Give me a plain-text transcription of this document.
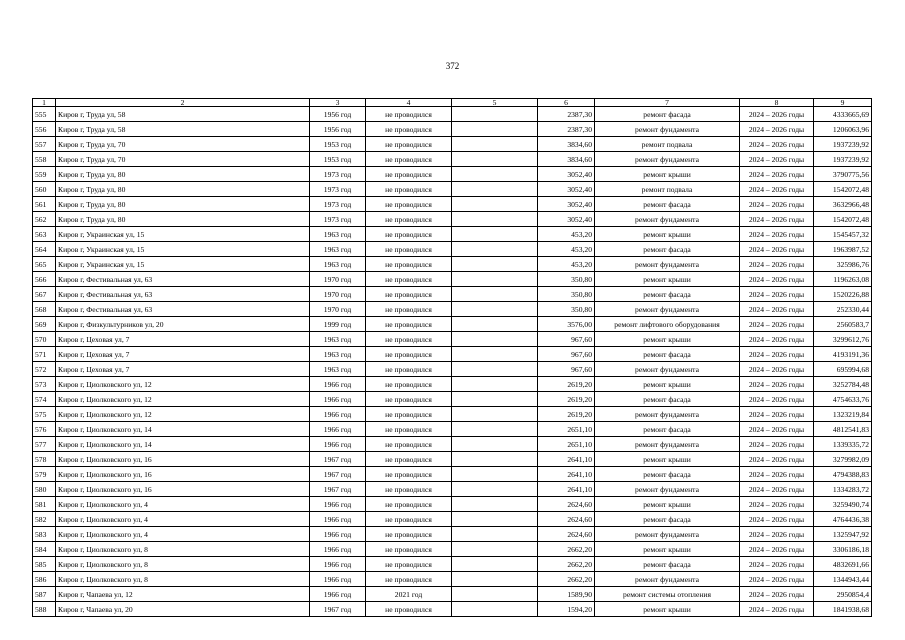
372
1	2	3	4	5	6	7	8	9
555	Киров г, Труда ул, 58	1956 год	не проводился		2387,30	ремонт фасада	2024 – 2026 годы	4333665,69
556	Киров г, Труда ул, 58	1956 год	не проводился		2387,30	ремонт фундамента	2024 – 2026 годы	1206063,96
557	Киров г, Труда ул, 70	1953 год	не проводился		3834,60	ремонт подвала	2024 – 2026 годы	1937239,92
558	Киров г, Труда ул, 70	1953 год	не проводился		3834,60	ремонт фундамента	2024 – 2026 годы	1937239,92
559	Киров г, Труда ул, 80	1973 год	не проводился		3052,40	ремонт крыши	2024 – 2026 годы	3790775,56
560	Киров г, Труда ул, 80	1973 год	не проводился		3052,40	ремонт подвала	2024 – 2026 годы	1542072,48
561	Киров г, Труда ул, 80	1973 год	не проводился		3052,40	ремонт фасада	2024 – 2026 годы	3632966,48
562	Киров г, Труда ул, 80	1973 год	не проводился		3052,40	ремонт фундамента	2024 – 2026 годы	1542072,48
563	Киров г, Украинская ул, 15	1963 год	не проводился		453,20	ремонт крыши	2024 – 2026 годы	1545457,32
564	Киров г, Украинская ул, 15	1963 год	не проводился		453,20	ремонт фасада	2024 – 2026 годы	1963987,52
565	Киров г, Украинская ул, 15	1963 год	не проводился		453,20	ремонт фундамента	2024 – 2026 годы	325986,76
566	Киров г, Фестивальная ул, 63	1970 год	не проводился		350,80	ремонт крыши	2024 – 2026 годы	1196263,08
567	Киров г, Фестивальная ул, 63	1970 год	не проводился		350,80	ремонт фасада	2024 – 2026 годы	1520226,88
568	Киров г, Фестивальная ул, 63	1970 год	не проводился		350,80	ремонт фундамента	2024 – 2026 годы	252330,44
569	Киров г, Физкультурников ул, 20	1999 год	не проводился		3576,00	ремонт лифтового оборудования	2024 – 2026 годы	2560583,7
570	Киров г, Цеховая ул, 7	1963 год	не проводился		967,60	ремонт крыши	2024 – 2026 годы	3299612,76
571	Киров г, Цеховая ул, 7	1963 год	не проводился		967,60	ремонт фасада	2024 – 2026 годы	4193191,36
572	Киров г, Цеховая ул, 7	1963 год	не проводился		967,60	ремонт фундамента	2024 – 2026 годы	695994,68
573	Киров г, Циолковского ул, 12	1966 год	не проводился		2619,20	ремонт крыши	2024 – 2026 годы	3252784,48
574	Киров г, Циолковского ул, 12	1966 год	не проводился		2619,20	ремонт фасада	2024 – 2026 годы	4754633,76
575	Киров г, Циолковского ул, 12	1966 год	не проводился		2619,20	ремонт фундамента	2024 – 2026 годы	1323219,84
576	Киров г, Циолковского ул, 14	1966 год	не проводился		2651,10	ремонт фасада	2024 – 2026 годы	4812541,83
577	Киров г, Циолковского ул, 14	1966 год	не проводился		2651,10	ремонт фундамента	2024 – 2026 годы	1339335,72
578	Киров г, Циолковского ул, 16	1967 год	не проводился		2641,10	ремонт крыши	2024 – 2026 годы	3279982,09
579	Киров г, Циолковского ул, 16	1967 год	не проводился		2641,10	ремонт фасада	2024 – 2026 годы	4794388,83
580	Киров г, Циолковского ул, 16	1967 год	не проводился		2641,10	ремонт фундамента	2024 – 2026 годы	1334283,72
581	Киров г, Циолковского ул, 4	1966 год	не проводился		2624,60	ремонт крыши	2024 – 2026 годы	3259490,74
582	Киров г, Циолковского ул, 4	1966 год	не проводился		2624,60	ремонт фасада	2024 – 2026 годы	4764436,38
583	Киров г, Циолковского ул, 4	1966 год	не проводился		2624,60	ремонт фундамента	2024 – 2026 годы	1325947,92
584	Киров г, Циолковского ул, 8	1966 год	не проводился		2662,20	ремонт крыши	2024 – 2026 годы	3306186,18
585	Киров г, Циолковского ул, 8	1966 год	не проводился		2662,20	ремонт фасада	2024 – 2026 годы	4832691,66
586	Киров г, Циолковского ул, 8	1966 год	не проводился		2662,20	ремонт фундамента	2024 – 2026 годы	1344943,44
587	Киров г, Чапаева ул, 12	1966 год	2021 год		1589,90	ремонт системы отопления	2024 – 2026 годы	2950854,4
588	Киров г, Чапаева ул, 20	1967 год	не проводился		1594,20	ремонт крыши	2024 – 2026 годы	1841938,68
